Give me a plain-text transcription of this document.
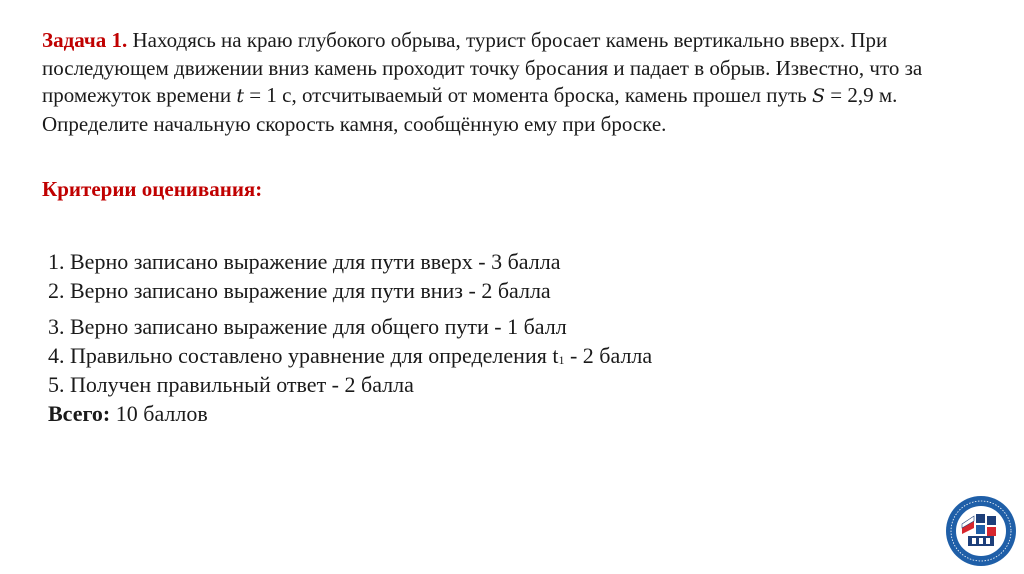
Задача 1. Находясь на краю глубокого обрыва, турист бросает камень вертикально вверх. При последующем движении вниз камень проходит точку бросания и падает в обрыв. Известно, что за промежуток времени t = 1 с, отсчитываемый от момента броска, камень прошел путь S = 2,9 м. Определите начальную скорость камня, сообщённую ему при броске.
Критерии оценивания:
1. Верно записано выражение для пути вверх - 3 балла
2. Верно записано выражение для пути вниз - 2 балла
3. Верно записано выражение для общего пути - 1 балл
4. Правильно составлено уравнение для определения $t_1 - 2$ балла
5. Получен правильный ответ - 2 балла
Всего: 10 баллов
